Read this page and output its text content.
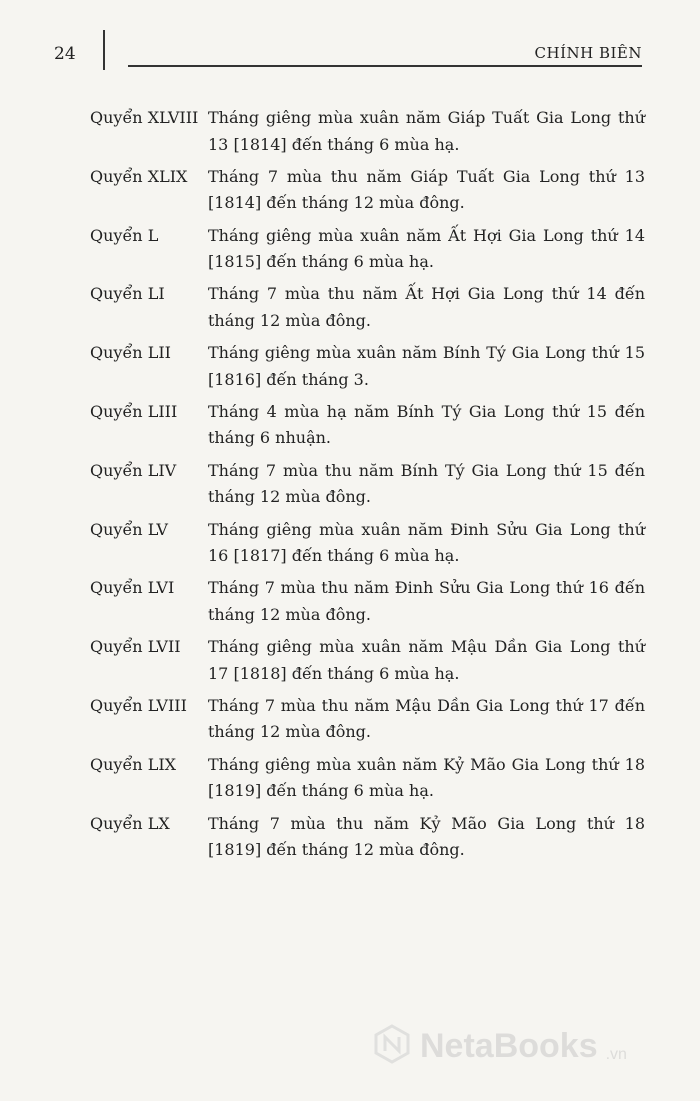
24	CHÍNH BIÊN
Quyển XLVIII Tháng giêng mùa xuân năm Giáp Tuất Gia Long thứ 13 [1814] đến tháng 6 mùa hạ.
Quyển XLIX	Tháng 7 mùa thu năm Giáp Tuất Gia Long thứ 13 [1814] đến tháng 12 mùa đông.
Quyển L	Tháng giêng mùa xuân năm Ất Hợi Gia Long thứ 14 [1815] đến tháng 6 mùa hạ.
Quyển LI	Tháng 7 mùa thu năm Ất Hợi Gia Long thứ 14 đến tháng 12 mùa đông.
Quyển LII	Tháng giêng mùa xuân năm Bính Tý Gia Long thứ 15 [1816] đến tháng 3.
Quyển LIII	Tháng 4 mùa hạ năm Bính Tý Gia Long thứ 15 đến tháng 6 nhuận.
Quyển LIV	Tháng 7 mùa thu năm Bính Tý Gia Long thứ 15 đến tháng 12 mùa đông.
Quyển LV	Tháng giêng mùa xuân năm Đinh Sửu Gia Long thứ 16 [1817] đến tháng 6 mùa hạ.
Quyển LVI	Tháng 7 mùa thu năm Đinh Sửu Gia Long thứ 16 đến tháng 12 mùa đông.
Quyển LVII	Tháng giêng mùa xuân năm Mậu Dần Gia Long thứ 17 [1818] đến tháng 6 mùa hạ.
Quyển LVIII	Tháng 7 mùa thu năm Mậu Dần Gia Long thứ 17 đến tháng 12 mùa đông.
Quyển LIX	Tháng giêng mùa xuân năm Kỷ Mão Gia Long thứ 18 [1819] đến tháng 6 mùa hạ.
Quyển LX	Tháng 7 mùa thu năm Kỷ Mão Gia Long thứ 18 [1819] đến tháng 12 mùa đông.
NetaBooks .vn
